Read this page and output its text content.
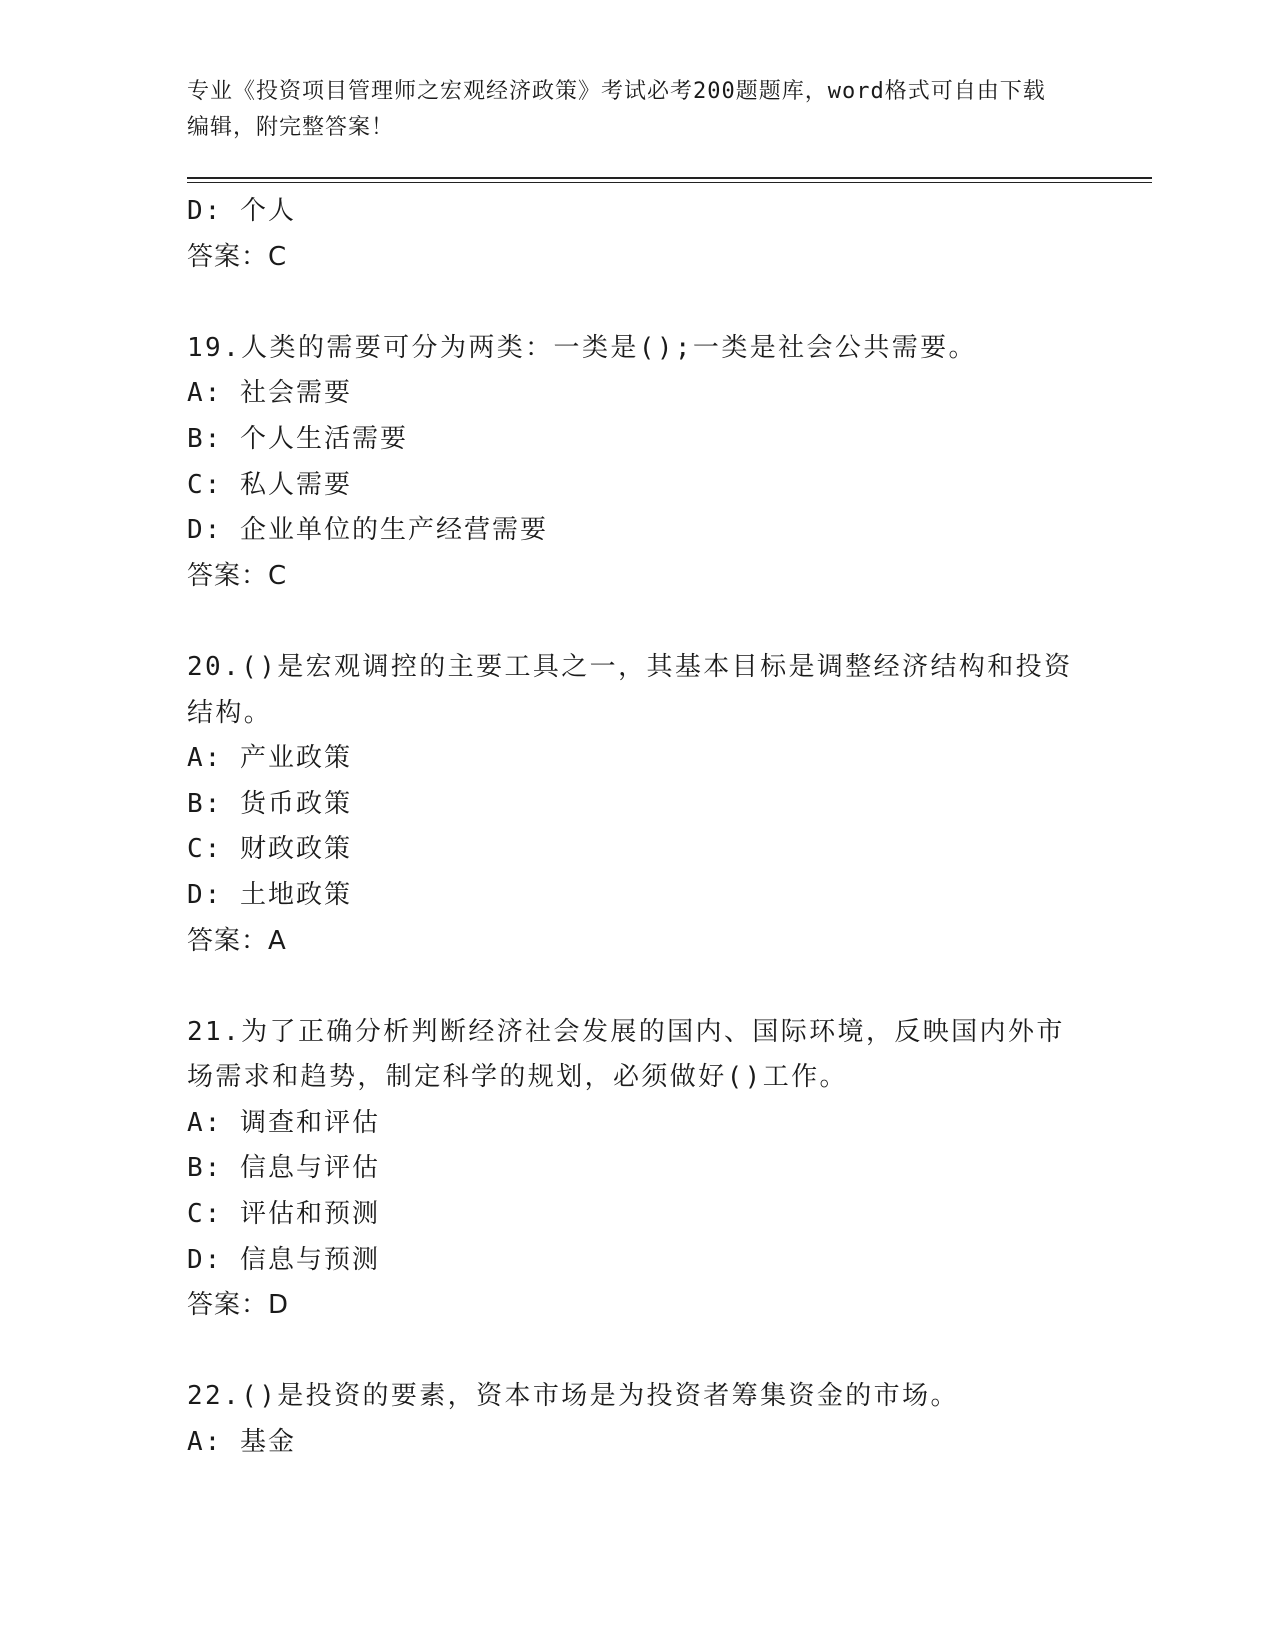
专业《投资项目管理师之宏观经济政策》考试必考200题题库，word格式可自由下载编辑，附完整答案！
D: 个人
答案：C
19.人类的需要可分为两类：一类是();一类是社会公共需要。
A: 社会需要
B: 个人生活需要
C: 私人需要
D: 企业单位的生产经营需要
答案：C
20.()是宏观调控的主要工具之一，其基本目标是调整经济结构和投资结构。
A: 产业政策
B: 货币政策
C: 财政政策
D: 土地政策
答案：A
21.为了正确分析判断经济社会发展的国内、国际环境，反映国内外市场需求和趋势，制定科学的规划，必须做好()工作。
A: 调查和评估
B: 信息与评估
C: 评估和预测
D: 信息与预测
答案：D
22.()是投资的要素，资本市场是为投资者筹集资金的市场。
A: 基金
